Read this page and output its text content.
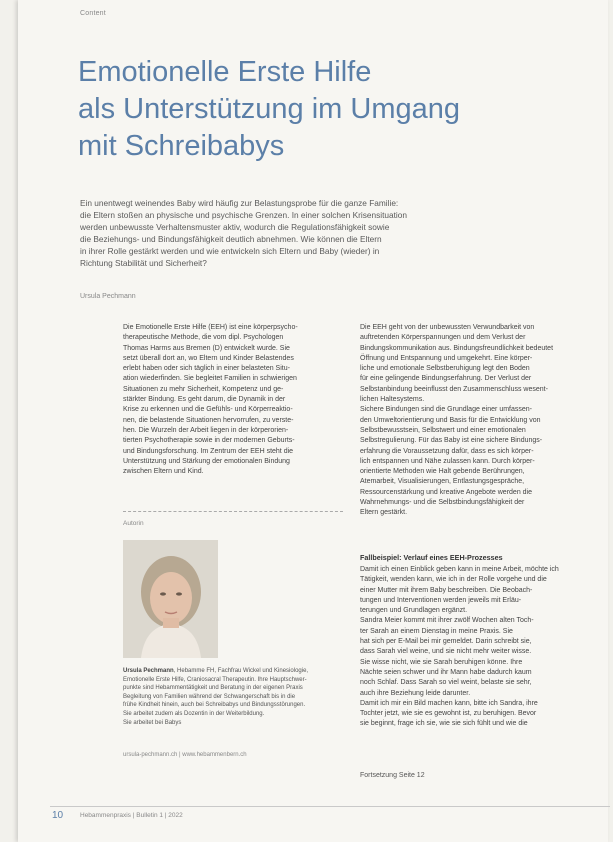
Content
Emotionelle Erste Hilfe
als Unterstützung im Umgang
mit Schreibabys

Ein unentwegt weinendes Baby wird häufig zur Belastungsprobe für die ganze Familie:
die Eltern stoßen an physische und psychische Grenzen. In einer solchen Krisensituation
werden unbewusste Verhaltensmuster aktiv, wodurch die Regulationsfähigkeit sowie
die Beziehungs- und Bindungsfähigkeit deutlich abnehmen. Wie können die Eltern
in ihrer Rolle gestärkt werden und wie entwickeln sich Eltern und Baby (wieder) in
Richtung Stabilität und Sicherheit?

Ursula Pechmann

Die Emotionelle Erste Hilfe (EEH) ist eine körperpsycho-
therapeutische Methode, die vom dipl. Psychologen
Thomas Harms aus Bremen (D) entwickelt wurde. Sie
setzt überall dort an, wo Eltern und Kinder Belastendes
erlebt haben oder sich täglich in einer belasteten Situ-
ation wiederfinden. Sie begleitet Familien in schwierigen
Situationen zu mehr Sicherheit, Kompetenz und ge-
stärkter Bindung. Es geht darum, die Dynamik in der
Krise zu erkennen und die Gefühls- und Körperreaktio-
nen, die belastende Situationen hervorrufen, zu verste-
hen. Die Wurzeln der Arbeit liegen in der körperorien-
tierten Psychotherapie sowie in der modernen Geburts-
und Bindungsforschung. Im Zentrum der EEH steht die
Unterstützung und Stärkung der emotionalen Bindung
zwischen Eltern und Kind.

Die EEH geht von der unbewussten Verwundbarkeit von
auftretenden Körperspannungen und dem Verlust der
Bindungskommunikation aus. Bindungsfreundlichkeit bedeutet
Öffnung und Entspannung und umgekehrt. Eine körper-
liche und emotionale Selbstberuhigung legt den Boden
für eine gelingende Bindungserfahrung. Der Verlust der
Selbstanbindung beeinflusst den Zusammenschluss wesent-
lichen Haltesystems.
Sichere Bindungen sind die Grundlage einer umfassen-
den Umweltorientierung und Basis für die Entwicklung von
Selbstbewusstsein, Selbstwert und einer emotionalen
Selbstregulierung. Für das Baby ist eine sichere Bindungs-
erfahrung die Voraussetzung dafür, dass es sich körper-
lich entspannen und Nähe zulassen kann. Durch körper-
orientierte Methoden wie Halt gebende Berührungen,
Atemarbeit, Visualisierungen, Entlastungsgespräche,
Ressourcenstärkung und kreative Angebote werden die
Wahrnehmungs- und die Selbstbindungsfähigkeit der
Eltern gestärkt.

Autorin

Ursula Pechmann, Hebamme FH, Fachfrau Wickel und Kinesiologie,
Emotionelle Erste Hilfe, Craniosacral Therapeutin. Ihre Hauptschwer-
punkte sind Hebammentätigkeit und Beratung in der eigenen Praxis
Begleitung von Familien während der Schwangerschaft bis in die
frühe Kindheit hinein, auch bei Schreibabys und Bindungsstörungen.
Sie arbeitet zudem als Dozentin in der Weiterbildung.
Sie arbeitet bei Babys

ursula-pechmann.ch | www.hebammenbern.ch
Fallbeispiel: Verlauf eines EEH-Prozesses

Damit ich einen Einblick geben kann in meine Arbeit, möchte ich
Tätigkeit, wenden kann, wie ich in der Rolle vorgehe und die
einer Mutter mit ihrem Baby beschreiben. Die Beobach-
tungen und Interventionen werden jeweils mit Erläu-
terungen und Grundlagen ergänzt.
Sandra Meier kommt mit ihrer zwölf Wochen alten Toch-
ter Sarah an einem Dienstag in meine Praxis. Sie
hat sich per E-Mail bei mir gemeldet. Darin schreibt sie,
dass Sarah viel weine, und sie nicht mehr weiter wisse.
Sie wisse nicht, wie sie Sarah beruhigen könne. Ihre
Nächte seien schwer und ihr Mann habe dadurch kaum
noch Schlaf. Dass Sarah so viel weint, belaste sie sehr,
auch ihre Beziehung leide darunter.
Damit ich mir ein Bild machen kann, bitte ich Sandra, ihre
Tochter jetzt, wie sie es gewohnt ist, zu beruhigen. Bevor
sie beginnt, frage ich sie, wie sie sich fühlt und wie die

Fortsetzung Seite 12
10	Hebammenpraxis | Bulletin 1 | 2022
